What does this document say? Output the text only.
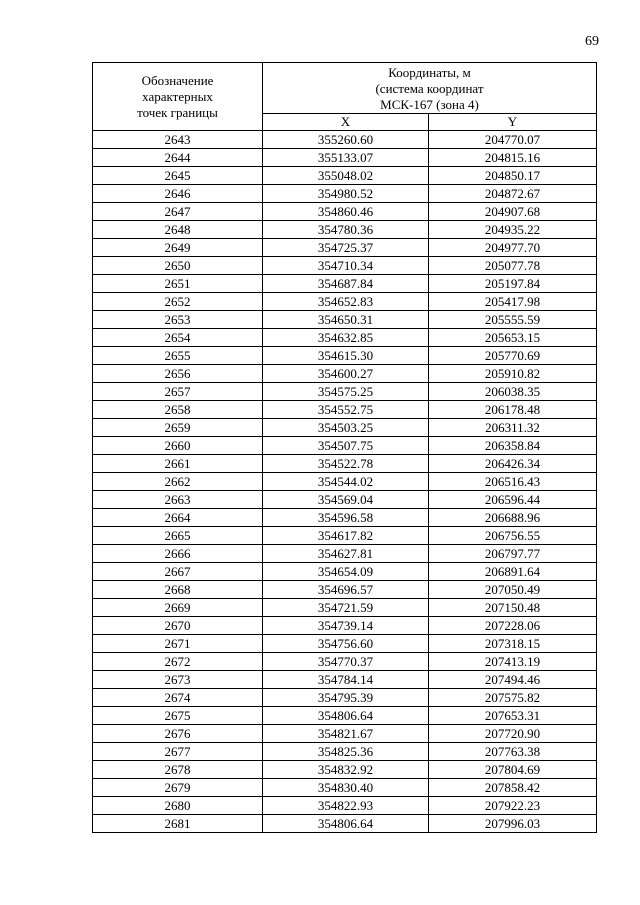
69
Обозначение
характерных
точек границы	Координаты, м
(система координат
МСК-167 (зона 4)	
	X	Y
2643	355260.60	204770.07
2644	355133.07	204815.16
2645	355048.02	204850.17
2646	354980.52	204872.67
2647	354860.46	204907.68
2648	354780.36	204935.22
2649	354725.37	204977.70
2650	354710.34	205077.78
2651	354687.84	205197.84
2652	354652.83	205417.98
2653	354650.31	205555.59
2654	354632.85	205653.15
2655	354615.30	205770.69
2656	354600.27	205910.82
2657	354575.25	206038.35
2658	354552.75	206178.48
2659	354503.25	206311.32
2660	354507.75	206358.84
2661	354522.78	206426.34
2662	354544.02	206516.43
2663	354569.04	206596.44
2664	354596.58	206688.96
2665	354617.82	206756.55
2666	354627.81	206797.77
2667	354654.09	206891.64
2668	354696.57	207050.49
2669	354721.59	207150.48
2670	354739.14	207228.06
2671	354756.60	207318.15
2672	354770.37	207413.19
2673	354784.14	207494.46
2674	354795.39	207575.82
2675	354806.64	207653.31
2676	354821.67	207720.90
2677	354825.36	207763.38
2678	354832.92	207804.69
2679	354830.40	207858.42
2680	354822.93	207922.23
2681	354806.64	207996.03
